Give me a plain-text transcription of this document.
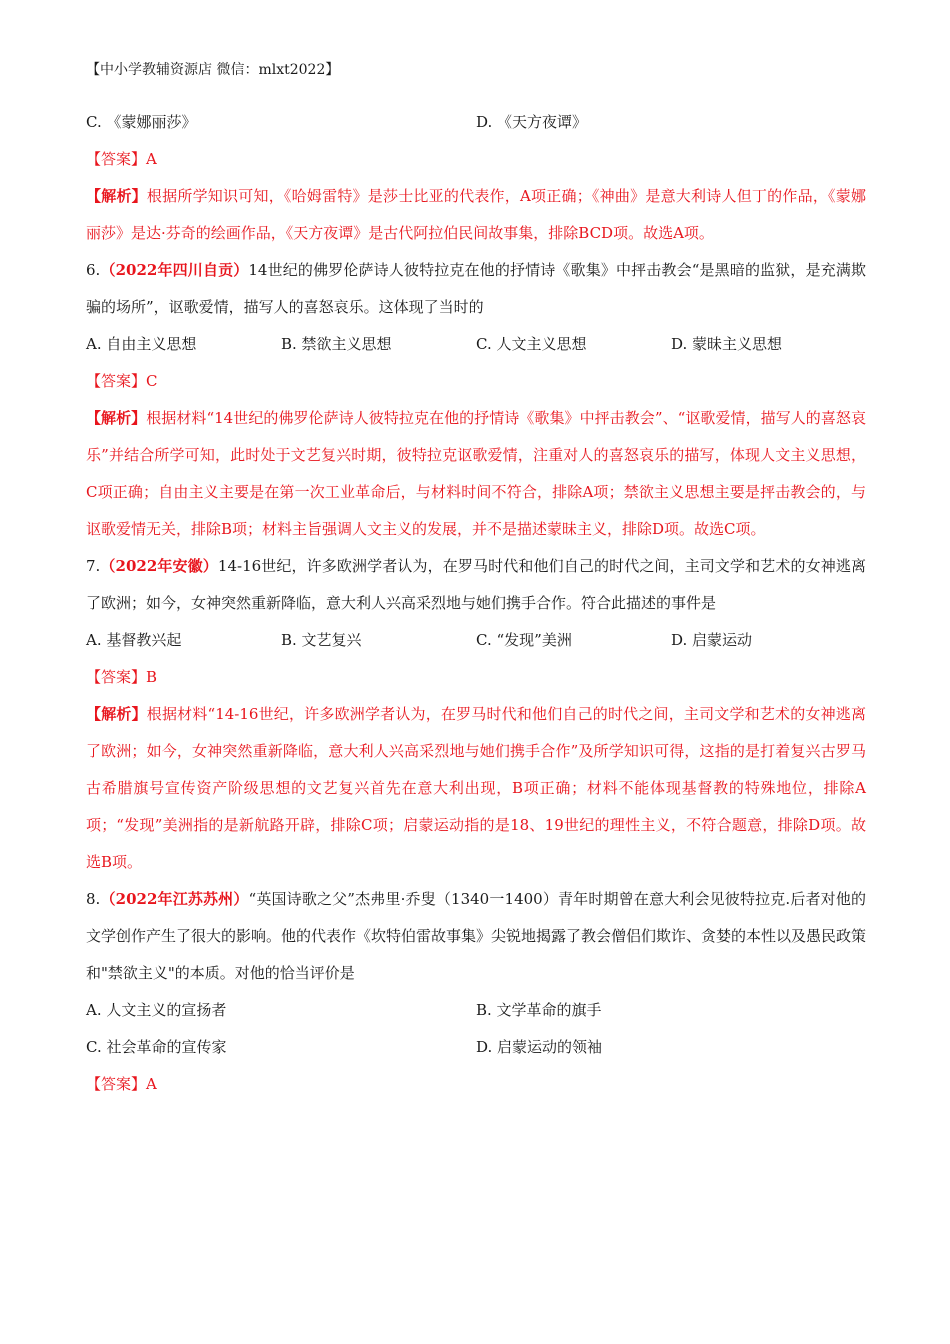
【中小学教辅资源店 微信：mlxt2022】
C. 《蒙娜丽莎》	D. 《天方夜谭》
【答案】A
【解析】根据所学知识可知，《哈姆雷特》是莎士比亚的代表作，A项正确；《神曲》是意大利诗人但丁的作品，《蒙娜丽莎》是达·芬奇的绘画作品，《天方夜谭》是古代阿拉伯民间故事集，排除BCD项。故选A项。
6.（2022年四川自贡）14世纪的佛罗伦萨诗人彼特拉克在他的抒情诗《歌集》中抨击教会“是黑暗的监狱，是充满欺骗的场所”，讴歌爱情，描写人的喜怒哀乐。这体现了当时的
A. 自由主义思想	B. 禁欲主义思想	C. 人文主义思想	D. 蒙昧主义思想
【答案】C
【解析】根据材料“14世纪的佛罗伦萨诗人彼特拉克在他的抒情诗《歌集》中抨击教会”、“讴歌爱情，描写人的喜怒哀乐”并结合所学可知，此时处于文艺复兴时期，彼特拉克讴歌爱情，注重对人的喜怒哀乐的描写，体现人文主义思想，C项正确；自由主义主要是在第一次工业革命后，与材料时间不符合，排除A项；禁欲主义思想主要是抨击教会的，与讴歌爱情无关，排除B项；材料主旨强调人文主义的发展，并不是描述蒙昧主义，排除D项。故选C项。
7.（2022年安徽）14-16世纪，许多欧洲学者认为，在罗马时代和他们自己的时代之间，主司文学和艺术的女神逃离了欧洲；如今，女神突然重新降临，意大利人兴高采烈地与她们携手合作。符合此描述的事件是
A. 基督教兴起	B. 文艺复兴	C. “发现”美洲	D. 启蒙运动
【答案】B
【解析】根据材料“14-16世纪，许多欧洲学者认为，在罗马时代和他们自己的时代之间，主司文学和艺术的女神逃离了欧洲；如今，女神突然重新降临，意大利人兴高采烈地与她们携手合作”及所学知识可得，这指的是打着复兴古罗马古希腊旗号宣传资产阶级思想的文艺复兴首先在意大利出现，B项正确；材料不能体现基督教的特殊地位，排除A项；“发现”美洲指的是新航路开辟，排除C项；启蒙运动指的是18、19世纪的理性主义，不符合题意，排除D项。故选B项。
8.（2022年江苏苏州）“英国诗歌之父”杰弗里·乔叟（1340一1400）青年时期曾在意大利会见彼特拉克.后者对他的文学创作产生了很大的影响。他的代表作《坎特伯雷故事集》尖锐地揭露了教会僧侣们欺诈、贪婪的本性以及愚民政策和"禁欲主义"的本质。对他的恰当评价是
A. 人文主义的宣扬者	B. 文学革命的旗手
C. 社会革命的宣传家	D. 启蒙运动的领袖
【答案】A
